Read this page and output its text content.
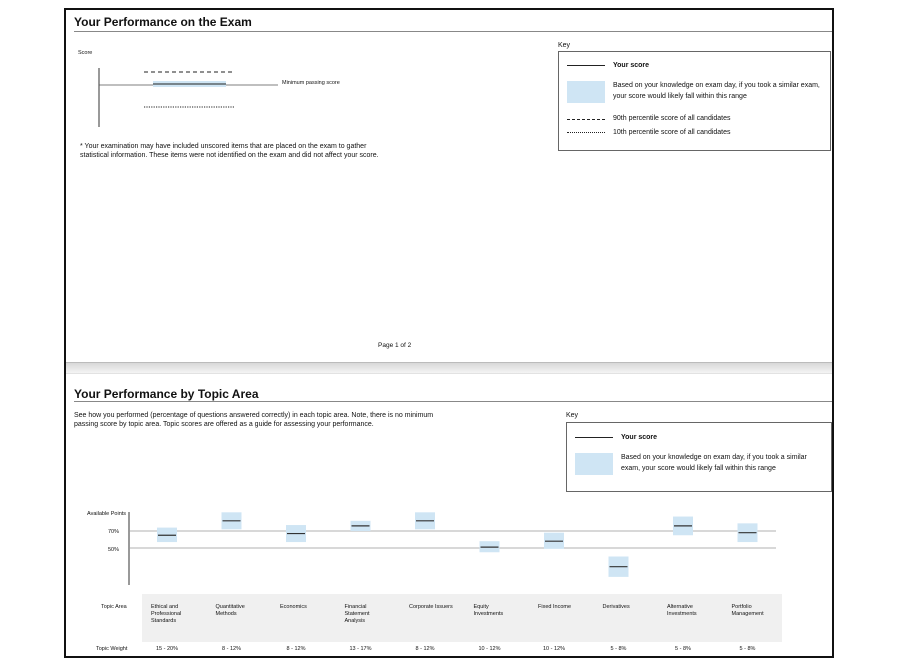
Your Performance on the Exam
Score
Minimum passing score
* Your examination may have included unscored items that are placed on the exam to gather statistical information. These items were not identified on the exam and did not affect your score.
Key
Your score
Based on your knowledge on exam day, if you took a similar exam, your score would likely fall within this range
90th percentile score of all candidates
10th percentile score of all candidates
Page 1 of 2
Your Performance by Topic Area
See how you performed (percentage of questions answered correctly) in each topic area. Note, there is no minimum passing score by topic area. Topic scores are offered as a guide for assessing your performance.
Key
Your score
Based on your knowledge on exam day, if you took a similar exam, your score would likely fall within this range
Available Points
70%
50%
Topic Area
Topic Weight
Ethical and Professional Standards
15 - 20%
Quantitative Methods
8 - 12%
Economics
8 - 12%
Financial Statement Analysis
13 - 17%
Corporate Issuers
8 - 12%
Equity Investments
10 - 12%
Fixed Income
10 - 12%
Derivatives
5 - 8%
Alternative Investments
5 - 8%
Portfolio Management
5 - 8%
